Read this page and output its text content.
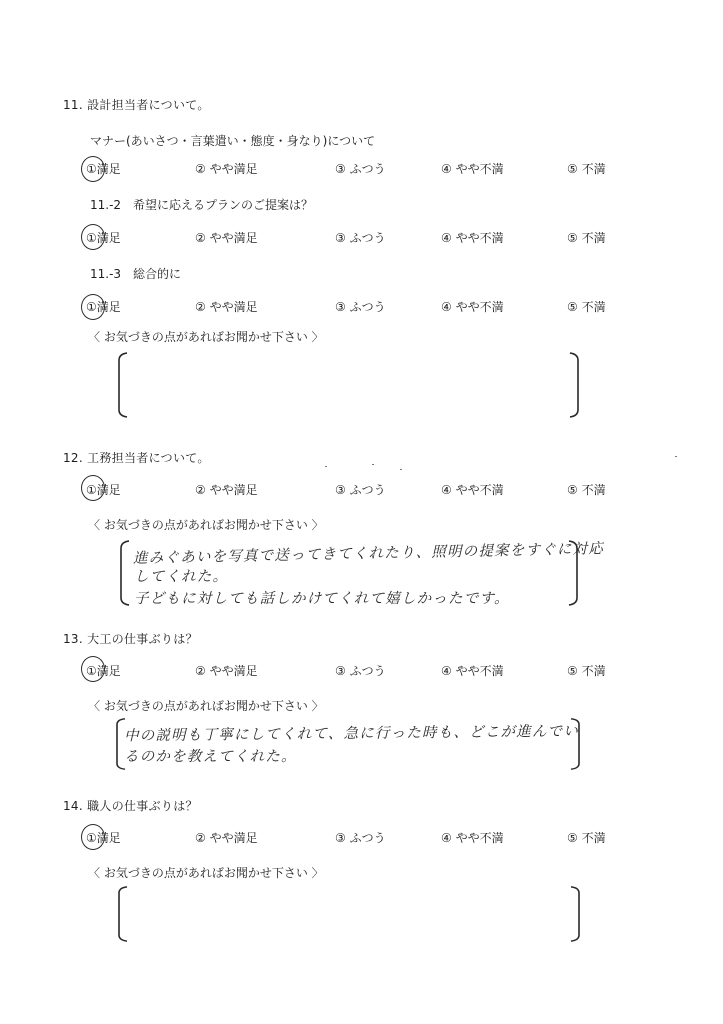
11. 設計担当者について。
マナー(あいさつ・言葉遣い・態度・身なり)について
①満足	② やや満足	③ ふつう	④ やや不満	⑤ 不満
11.-2　希望に応えるプランのご提案は？
①満足	② やや満足	③ ふつう	④ やや不満	⑤ 不満
11.-3　総合的に
①満足	② やや満足	③ ふつう	④ やや不満	⑤ 不満
〈 お気づきの点があればお聞かせ下さい 〉
12. 工務担当者について。
①満足	② やや満足	③ ふつう	④ やや不満	⑤ 不満
〈 お気づきの点があればお聞かせ下さい 〉
進みぐあいを写真で送ってきてくれたり、照明の提案をすぐに対応
してくれた。
子どもに対しても話しかけてくれて嬉しかったです。
13. 大工の仕事ぶりは？
①満足	② やや満足	③ ふつう	④ やや不満	⑤ 不満
〈 お気づきの点があればお聞かせ下さい 〉
中の説明も丁寧にしてくれて、急に行った時も、どこが進んでい
るのかを教えてくれた。
14. 職人の仕事ぶりは？
①満足	② やや満足	③ ふつう	④ やや不満	⑤ 不満
〈 お気づきの点があればお聞かせ下さい 〉
